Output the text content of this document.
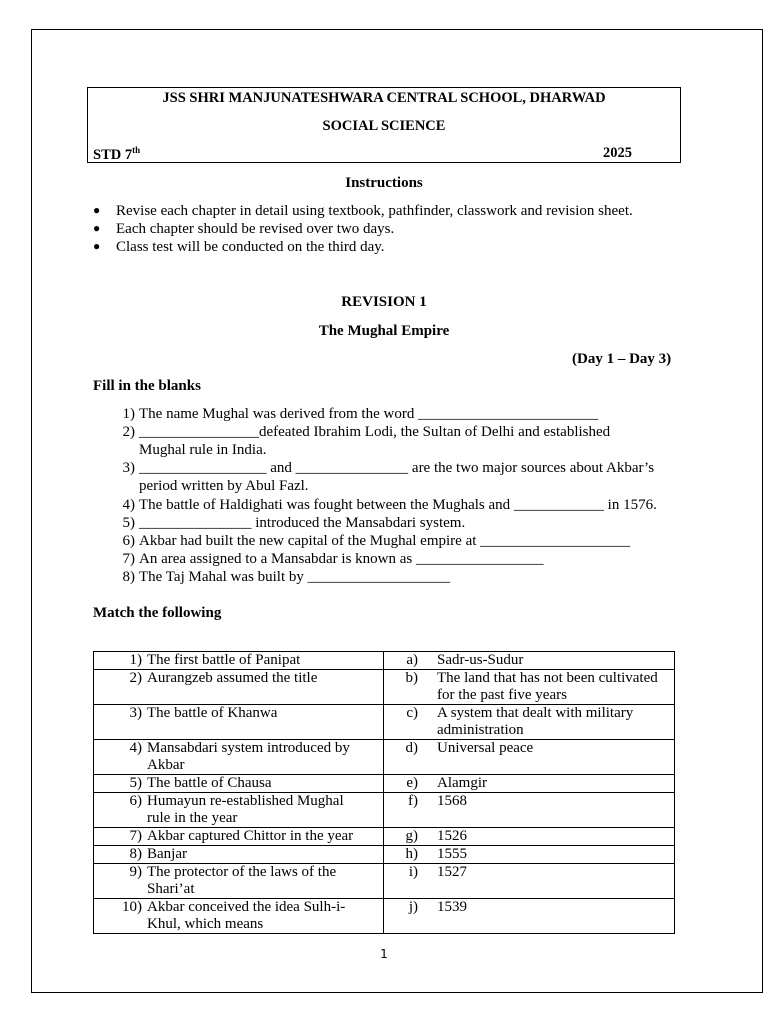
JSS SHRI MANJUNATESHWARA CENTRAL SCHOOL, DHARWAD
SOCIAL SCIENCE
STD 7th	2025
Instructions
● Revise each chapter in detail using textbook, pathfinder, classwork and revision sheet.
● Each chapter should be revised over two days.
● Class test will be conducted on the third day.
REVISION 1
The Mughal Empire
(Day 1 – Day 3)
Fill in the blanks
1) The name Mughal was derived from the word ________________________
2) ________________defeated Ibrahim Lodi, the Sultan of Delhi and established
Mughal rule in India.
3) _________________ and _______________ are the two major sources about Akbar’s
period written by Abul Fazl.
4) The battle of Haldighati was fought between the Mughals and ____________ in 1576.
5) _______________ introduced the Mansabdari system.
6) Akbar had built the new capital of the Mughal empire at ____________________
7) An area assigned to a Mansabdar is known as _________________
8) The Taj Mahal was built by ___________________
Match the following
1) The first battle of Panipat	a) Sadr-us-Sudur

2) Aurangzeb assumed the title	b) The land that has not been cultivated
for the past five years

3) The battle of Khanwa	c) A system that dealt with military
administration

4) Mansabdari system introduced by
Akbar	d) Universal peace

5) The battle of Chausa	e) Alamgir

6) Humayun re-established Mughal
rule in the year	f) 1568

7) Akbar captured Chittor in the year	g) 1526

8) Banjar	h) 1555

9) The protector of the laws of the
Shari’at	i) 1527

10) Akbar conceived the idea Sulh-i-
Khul, which means	j) 1539
1
